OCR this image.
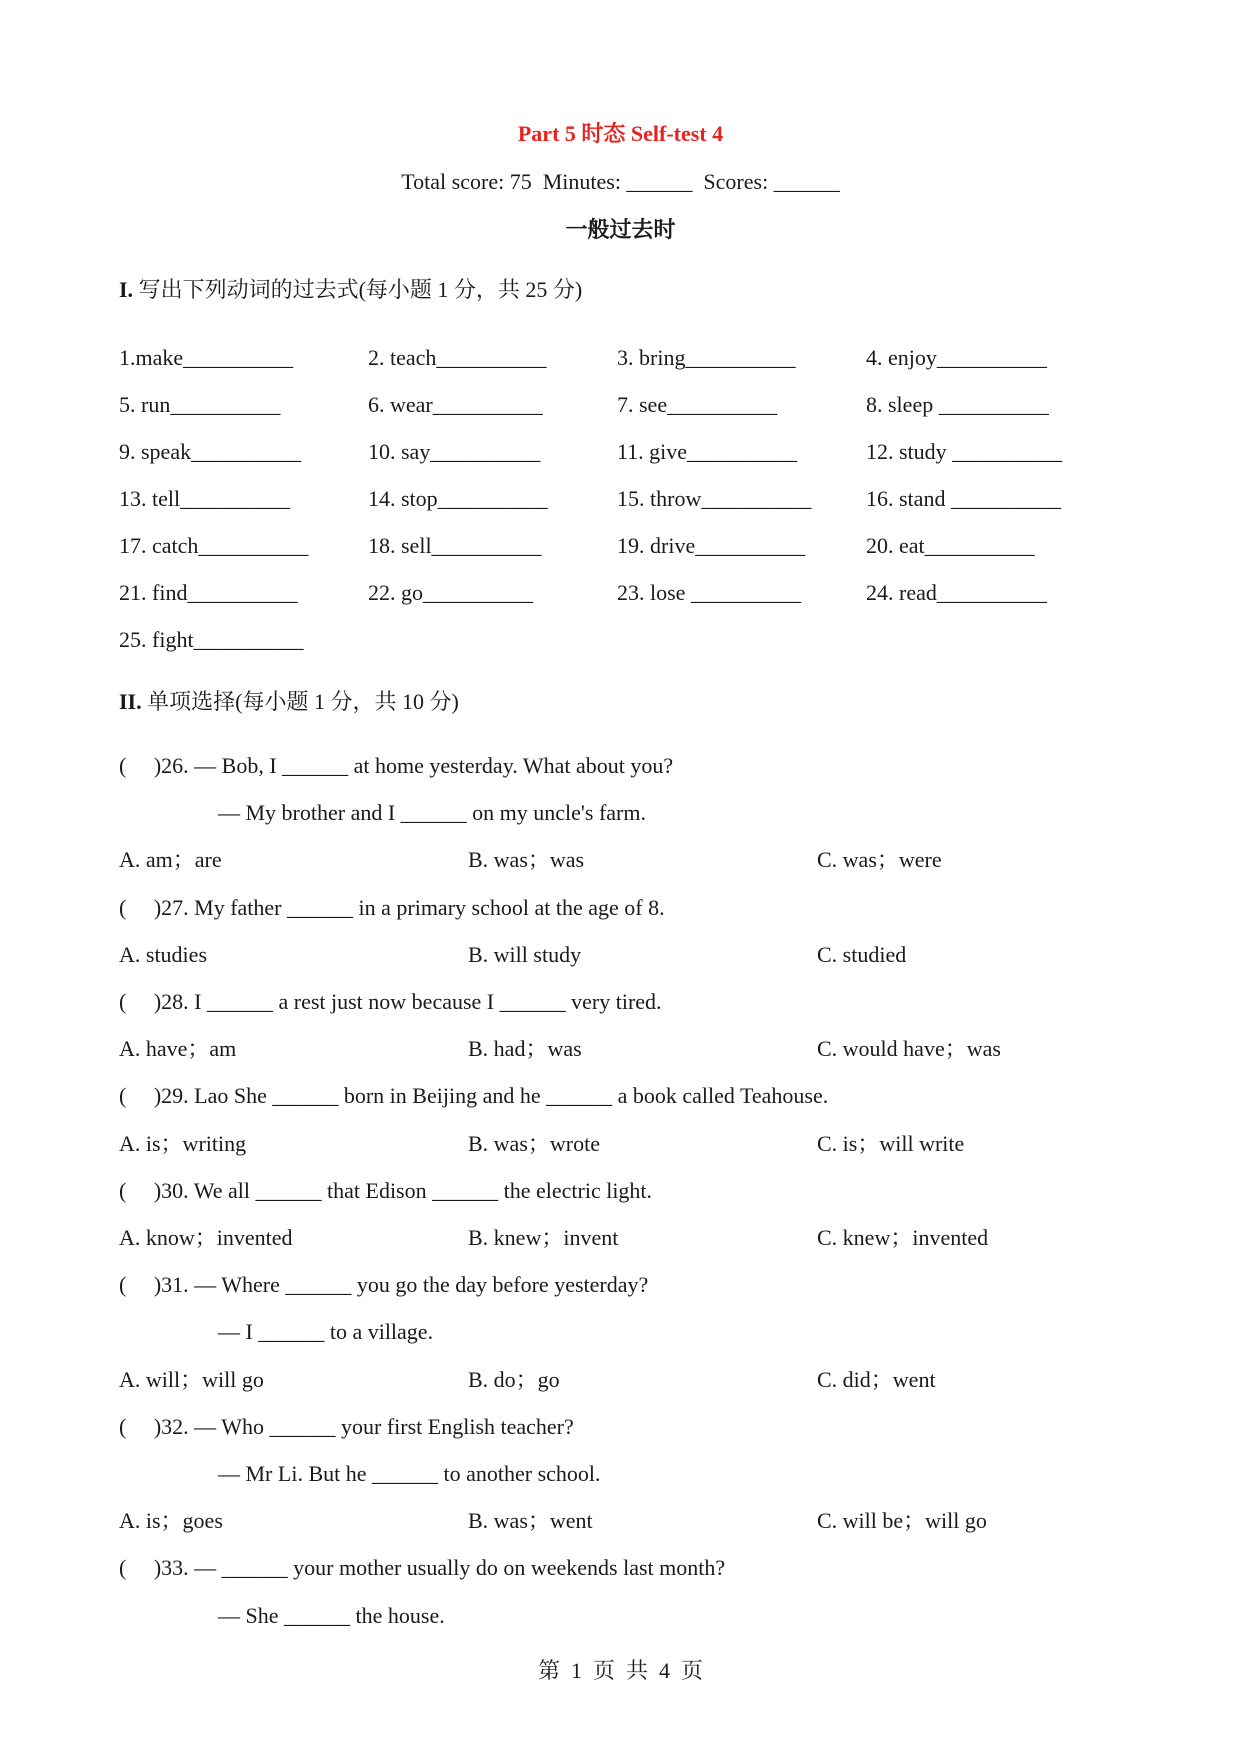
Part 5 时态 Self-test 4
Total score: 75  Minutes: ______  Scores: ______
一般过去时
I. 写出下列动词的过去式(每小题 1 分，共 25 分)
1.make__________	2. teach__________	3. bring__________	4. enjoy__________
5. run__________	6. wear__________	7. see__________	8. sleep __________
9. speak__________	10. say__________	11. give__________	12. study __________
13. tell__________	14. stop__________	15. throw__________ 16. stand __________
17. catch__________	18. sell__________	19. drive__________	20. eat__________
21. find__________	22. go__________	23. lose __________	24. read__________
25. fight__________
II. 单项选择(每小题 1 分，共 10 分)
(     )26. — Bob, I ______ at home yesterday. What about you?
— My brother and I ______ on my uncle's farm.
A. am；are	B. was；was	C. was；were
(     )27. My father ______ in a primary school at the age of 8.
A. studies	B. will study	C. studied
(     )28. I ______ a rest just now because I ______ very tired.
A. have；am	B. had；was	C. would have；was
(     )29. Lao She ______ born in Beijing and he ______ a book called Teahouse.
A. is；writing	B. was；wrote	C. is；will write
(     )30. We all ______ that Edison ______ the electric light.
A. know；invented	B. knew；invent	C. knew；invented
(     )31. — Where ______ you go the day before yesterday?
— I ______ to a village.
A. will；will go	B. do；go	C. did；went
(     )32. — Who ______ your first English teacher?
— Mr Li. But he ______ to another school.
A. is；goes	B. was；went	C. will be；will go
(     )33. — ______ your mother usually do on weekends last month?
— She ______ the house.
第  1  页  共  4  页
